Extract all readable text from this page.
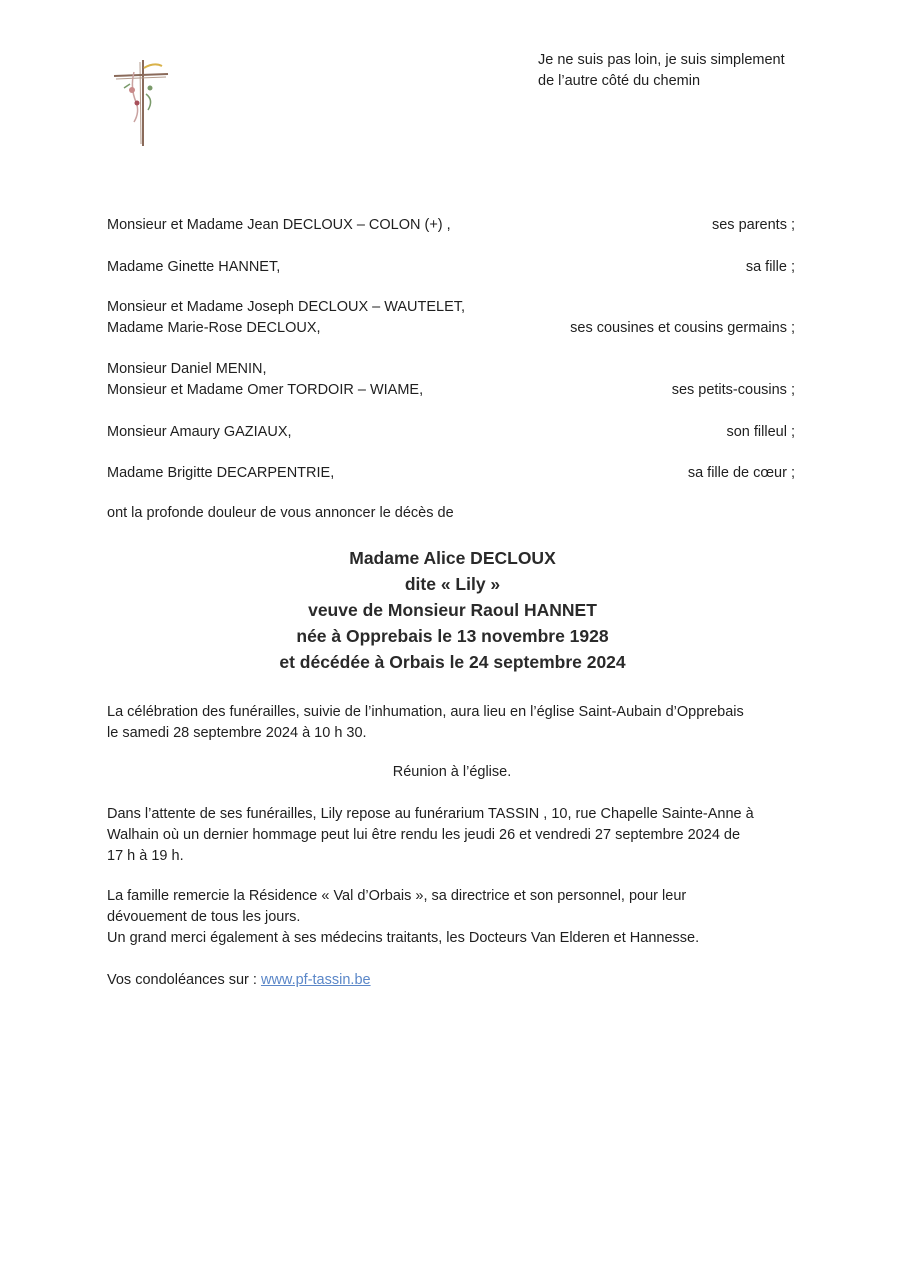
Je ne suis pas loin, je suis simplement
de l’autre côté du chemin
Monsieur et Madame Jean DECLOUX – COLON (+) ,	ses parents ;
Madame Ginette HANNET,	sa fille ;
Monsieur et Madame Joseph DECLOUX – WAUTELET,
Madame Marie-Rose DECLOUX,	ses cousines et cousins germains ;
Monsieur Daniel MENIN,
Monsieur et Madame Omer TORDOIR – WIAME,	ses petits-cousins ;
Monsieur Amaury GAZIAUX,	son filleul ;
Madame Brigitte DECARPENTRIE,	sa fille de cœur ;
ont la profonde douleur de vous annoncer le décès de
Madame Alice DECLOUX
dite « Lily »
veuve de Monsieur Raoul HANNET
née à Opprebais le 13 novembre 1928
et décédée à Orbais le 24 septembre 2024
La célébration des funérailles, suivie de l’inhumation, aura lieu en l’église Saint-Aubain d’Opprebais
le samedi 28 septembre 2024 à 10 h 30.
Réunion à l’église.
Dans l’attente de ses funérailles, Lily repose au funérarium TASSIN , 10, rue Chapelle Sainte-Anne à
Walhain où un dernier hommage peut lui être rendu les jeudi 26 et vendredi 27 septembre 2024 de
17 h à 19 h.
La famille remercie la Résidence « Val d’Orbais », sa directrice et son personnel, pour leur
dévouement de tous les jours.
Un grand merci également à ses médecins traitants, les Docteurs Van Elderen et Hannesse.
Vos condoléances sur : www.pf-tassin.be
